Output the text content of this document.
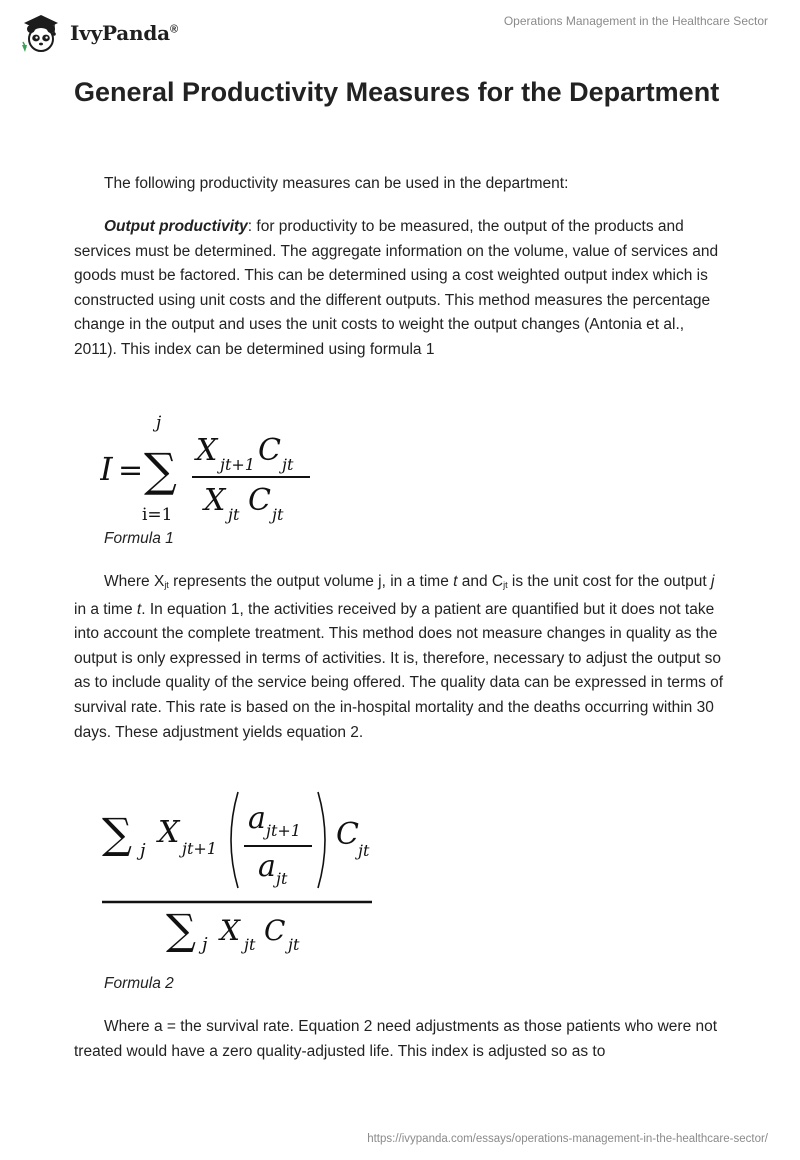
IvyPanda®
Operations Management in the Healthcare Sector
General Productivity Measures for the Department

The following productivity measures can be used in the department:

Output productivity: for productivity to be measured, the output of the products and services must be determined. The aggregate information on the volume, value of services and goods must be factored. This can be determined using a cost weighted output index which is constructed using unit costs and the different outputs. This method measures the percentage change in the output and uses the unit costs to weight the output changes (Antonia et al., 2011). This index can be determined using formula 1

I = ∑
j
i=1
X jt+1 C jt
X jt C jt
Formula 1

Where $X_{jt}$ represents the output volume j, in a time t and $C_{jt}$ is the unit cost for the output j in a time t. In equation 1, the activities received by a patient are quantified but it does not take into account the complete treatment. This method does not measure changes in quality as the output is only expressed in terms of activities. It is, therefore, necessary to adjust the output so as to include quality of the service being offered. The quality data can be expressed in terms of survival rate. This rate is based on the in-hospital mortality and the deaths occurring within 30 days. These adjustment yields equation 2.

∑ j
X jt+1
a jt+1
a jt
C jt
∑ j X jt C jt
Formula 2

Where a = the survival rate. Equation 2 need adjustments as those patients who were not treated would have a zero quality-adjusted life. This index is adjusted so as to

https://ivypanda.com/essays/operations-management-in-the-healthcare-sector/
